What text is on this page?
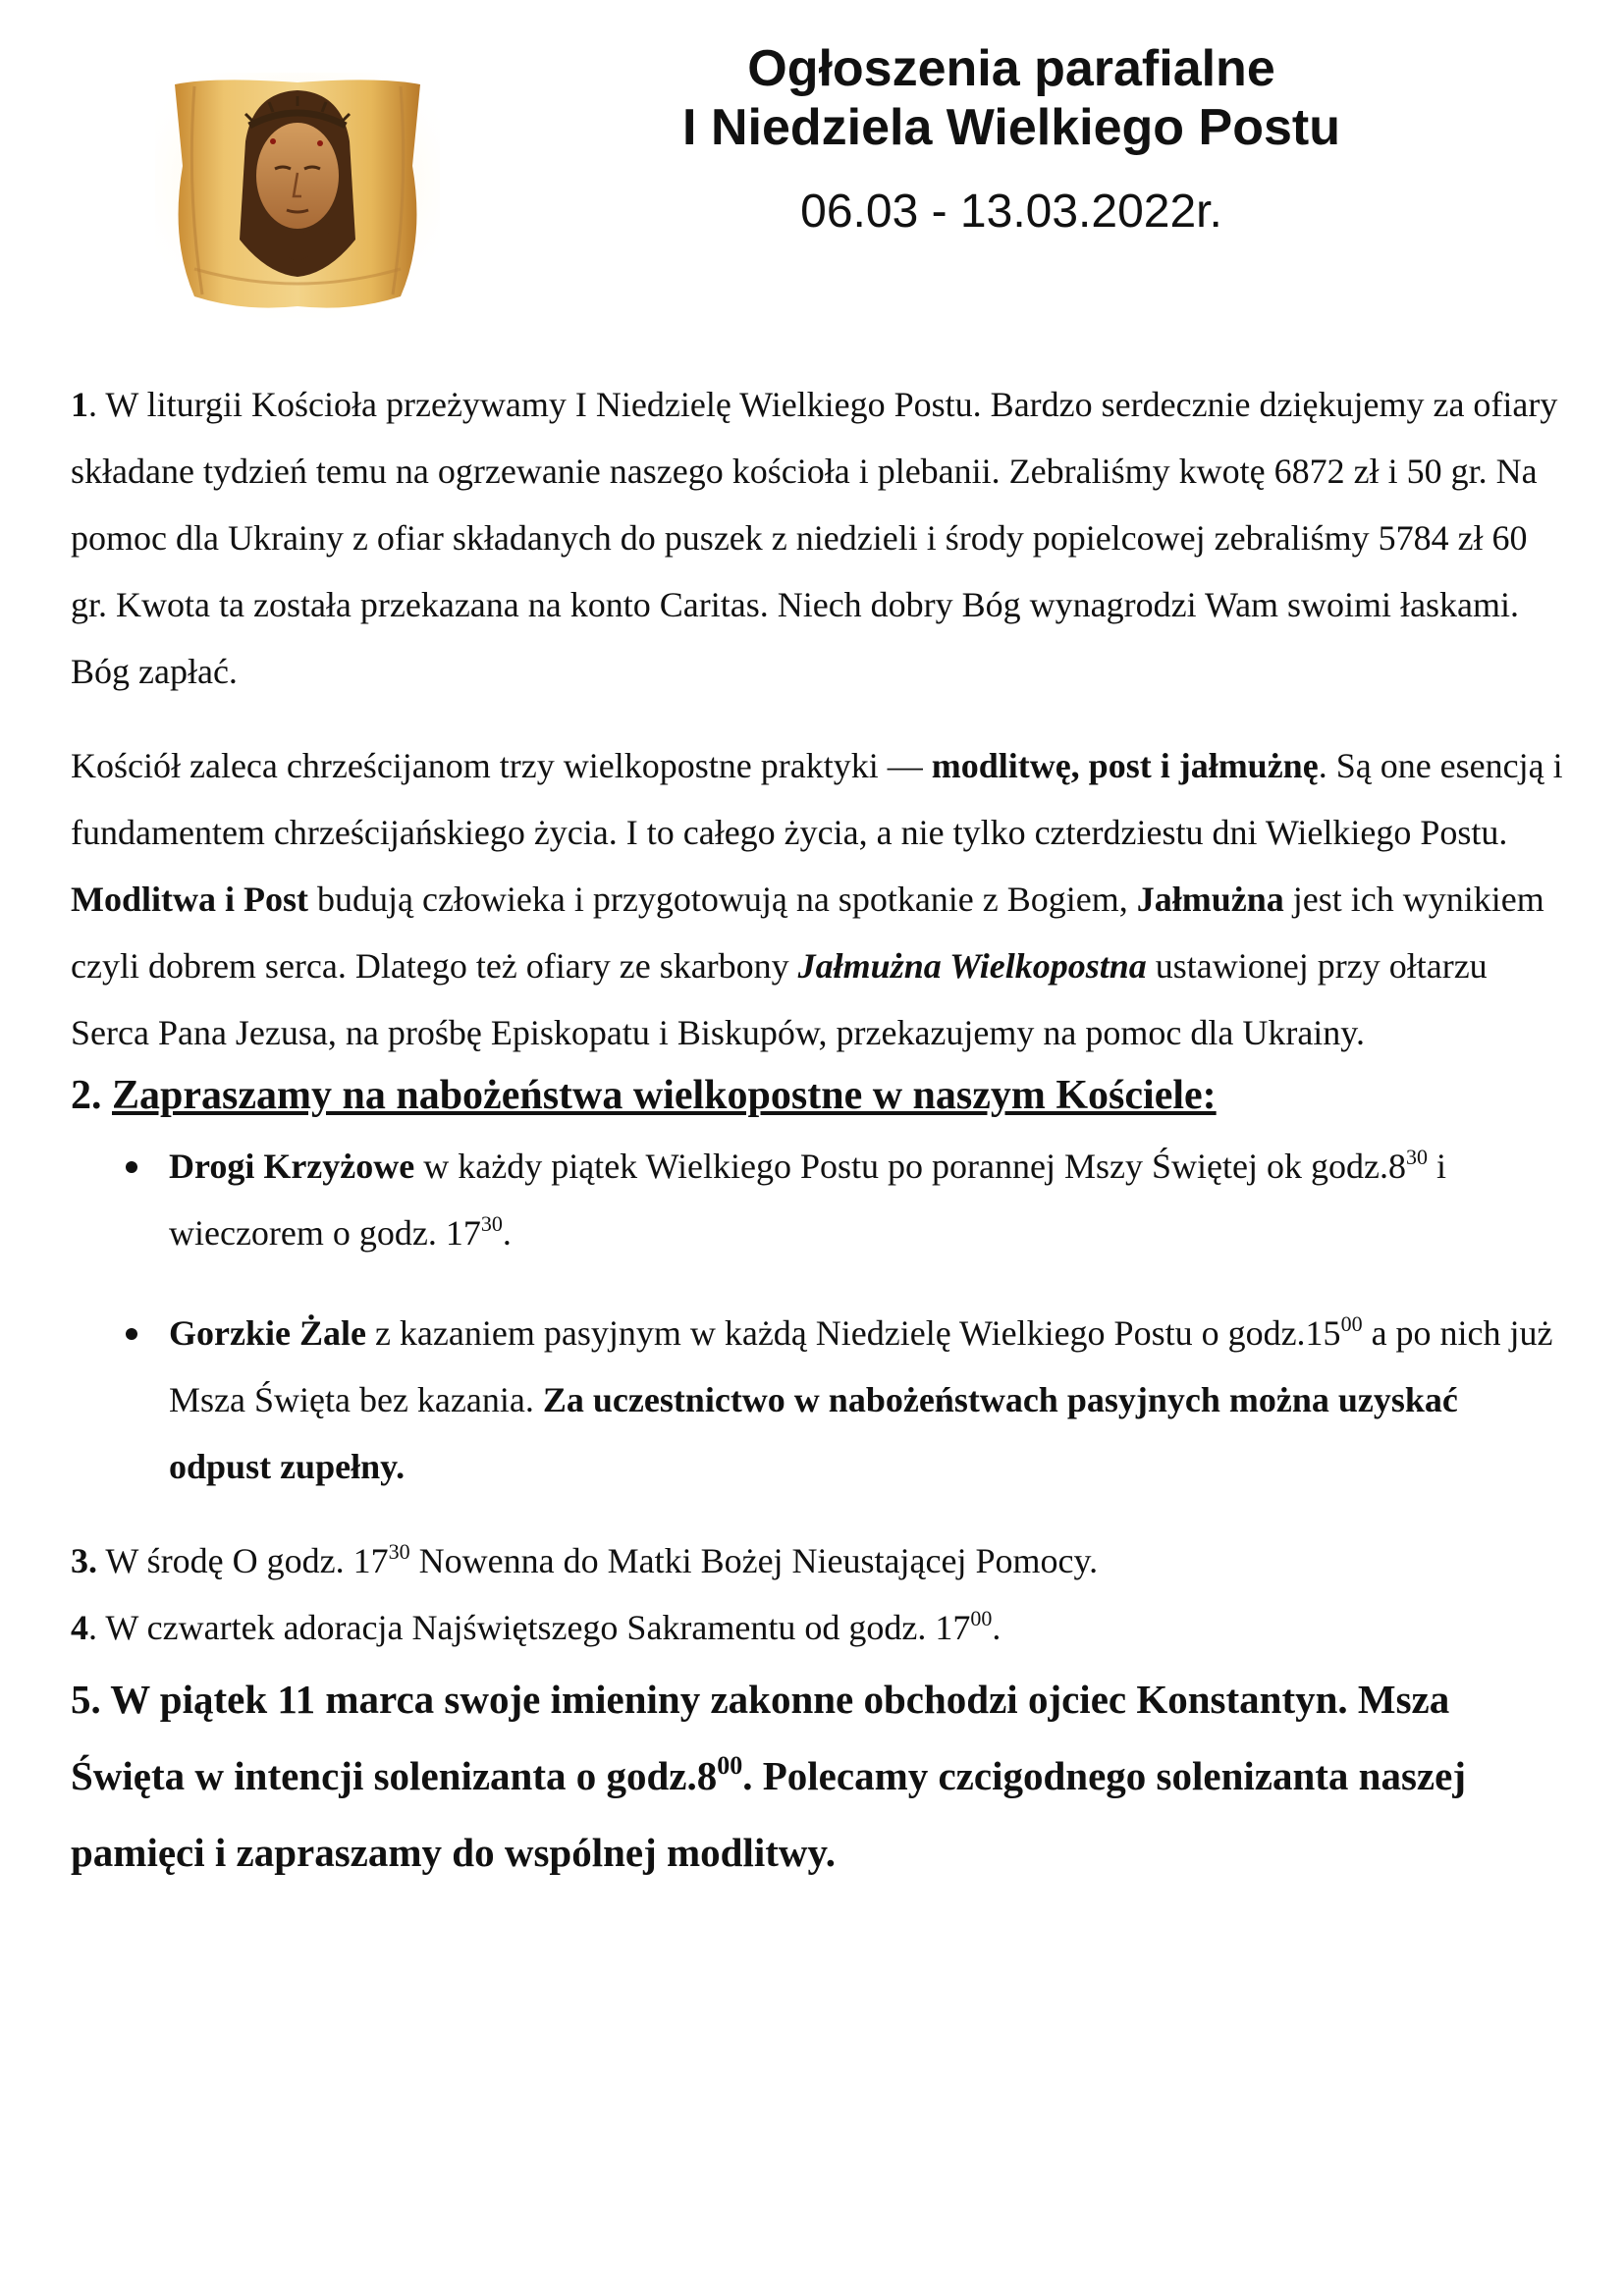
Ogłoszenia parafialne
I Niedziela Wielkiego Postu

06.03 - 13.03.2022r.

1. W liturgii Kościoła przeżywamy I Niedzielę Wielkiego Postu. Bardzo serdecznie dziękujemy za ofiary składane tydzień temu na ogrzewanie naszego kościoła i plebanii. Zebraliśmy kwotę 6872 zł i 50 gr. Na pomoc dla Ukrainy z ofiar składanych do puszek z niedzieli i środy popielcowej zebraliśmy 5784 zł 60 gr. Kwota ta została przekazana na konto Caritas. Niech dobry Bóg wynagrodzi Wam swoimi łaskami. Bóg zapłać.

Kościół zaleca chrześcijanom trzy wielkopostne praktyki — modlitwę, post i jałmużnę. Są one esencją i fundamentem chrześcijańskiego życia. I to całego życia, a nie tylko czterdziestu dni Wielkiego Postu. Modlitwa i Post budują człowieka i przygotowują na spotkanie z Bogiem, Jałmużna jest ich wynikiem czyli dobrem serca. Dlatego też ofiary ze skarbony Jałmużna Wielkopostna ustawionej przy ołtarzu Serca Pana Jezusa, na prośbę Episkopatu i Biskupów, przekazujemy na pomoc dla Ukrainy.

2. Zapraszamy na nabożeństwa wielkopostne w naszym Kościele:

Drogi Krzyżowe w każdy piątek Wielkiego Postu po porannej Mszy Świętej ok $godz.8^{30}$ i wieczorem o godz. $17^{30}$.
Gorzkie Żale z kazaniem pasyjnym w każdą Niedzielę Wielkiego Postu o $godz.15^{00}$ a po nich już Msza Święta bez kazania. Za uczestnictwo w nabożeństwach pasyjnych można uzyskać odpust zupełny.

3. W środę O godz. $17^{30}$ Nowenna do Matki Bożej Nieustającej Pomocy.

4. W czwartek adoracja Najświętszego Sakramentu od godz. $17^{00}$.

5. W piątek 11 marca swoje imieniny zakonne obchodzi ojciec Konstantyn. Msza Święta w intencji solenizanta o $godz.8^{00}$. Polecamy czcigodnego solenizanta naszej pamięci i zapraszamy do wspólnej modlitwy.
